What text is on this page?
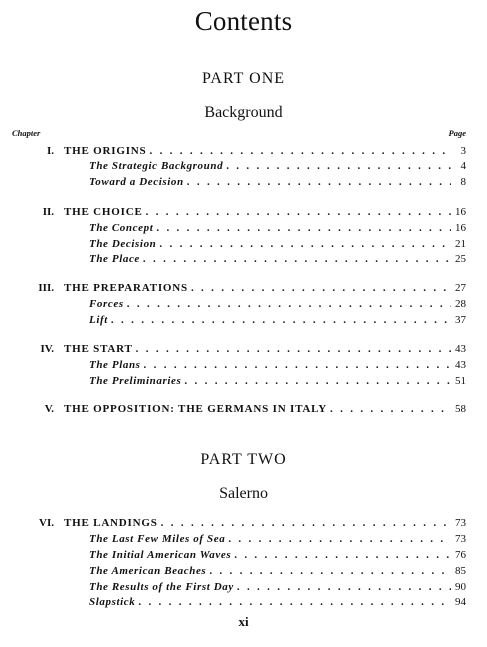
Contents
PART ONE
Background
Chapter	Page
PART TWO
Salerno
I. THE ORIGINS . . .	3
The Strategic Background . . .	4
Toward a Decision . . .	8
II. THE CHOICE . . .	16
The Concept . . .	16
The Decision . . .	21
The Place . . .	25
III. THE PREPARATIONS . . .	27
Forces . . .	28
Lift . . .	37
IV. THE START . . .	43
The Plans . . .	43
The Preliminaries . . .	51
V. THE OPPOSITION: THE GERMANS IN ITALY . . .	58
VI. THE LANDINGS . . .	73
The Last Few Miles of Sea . . .	73
The Initial American Waves . . .	76
The American Beaches . . .	85
The Results of the First Day . . .	90
Slapstick . . .	94
xi
